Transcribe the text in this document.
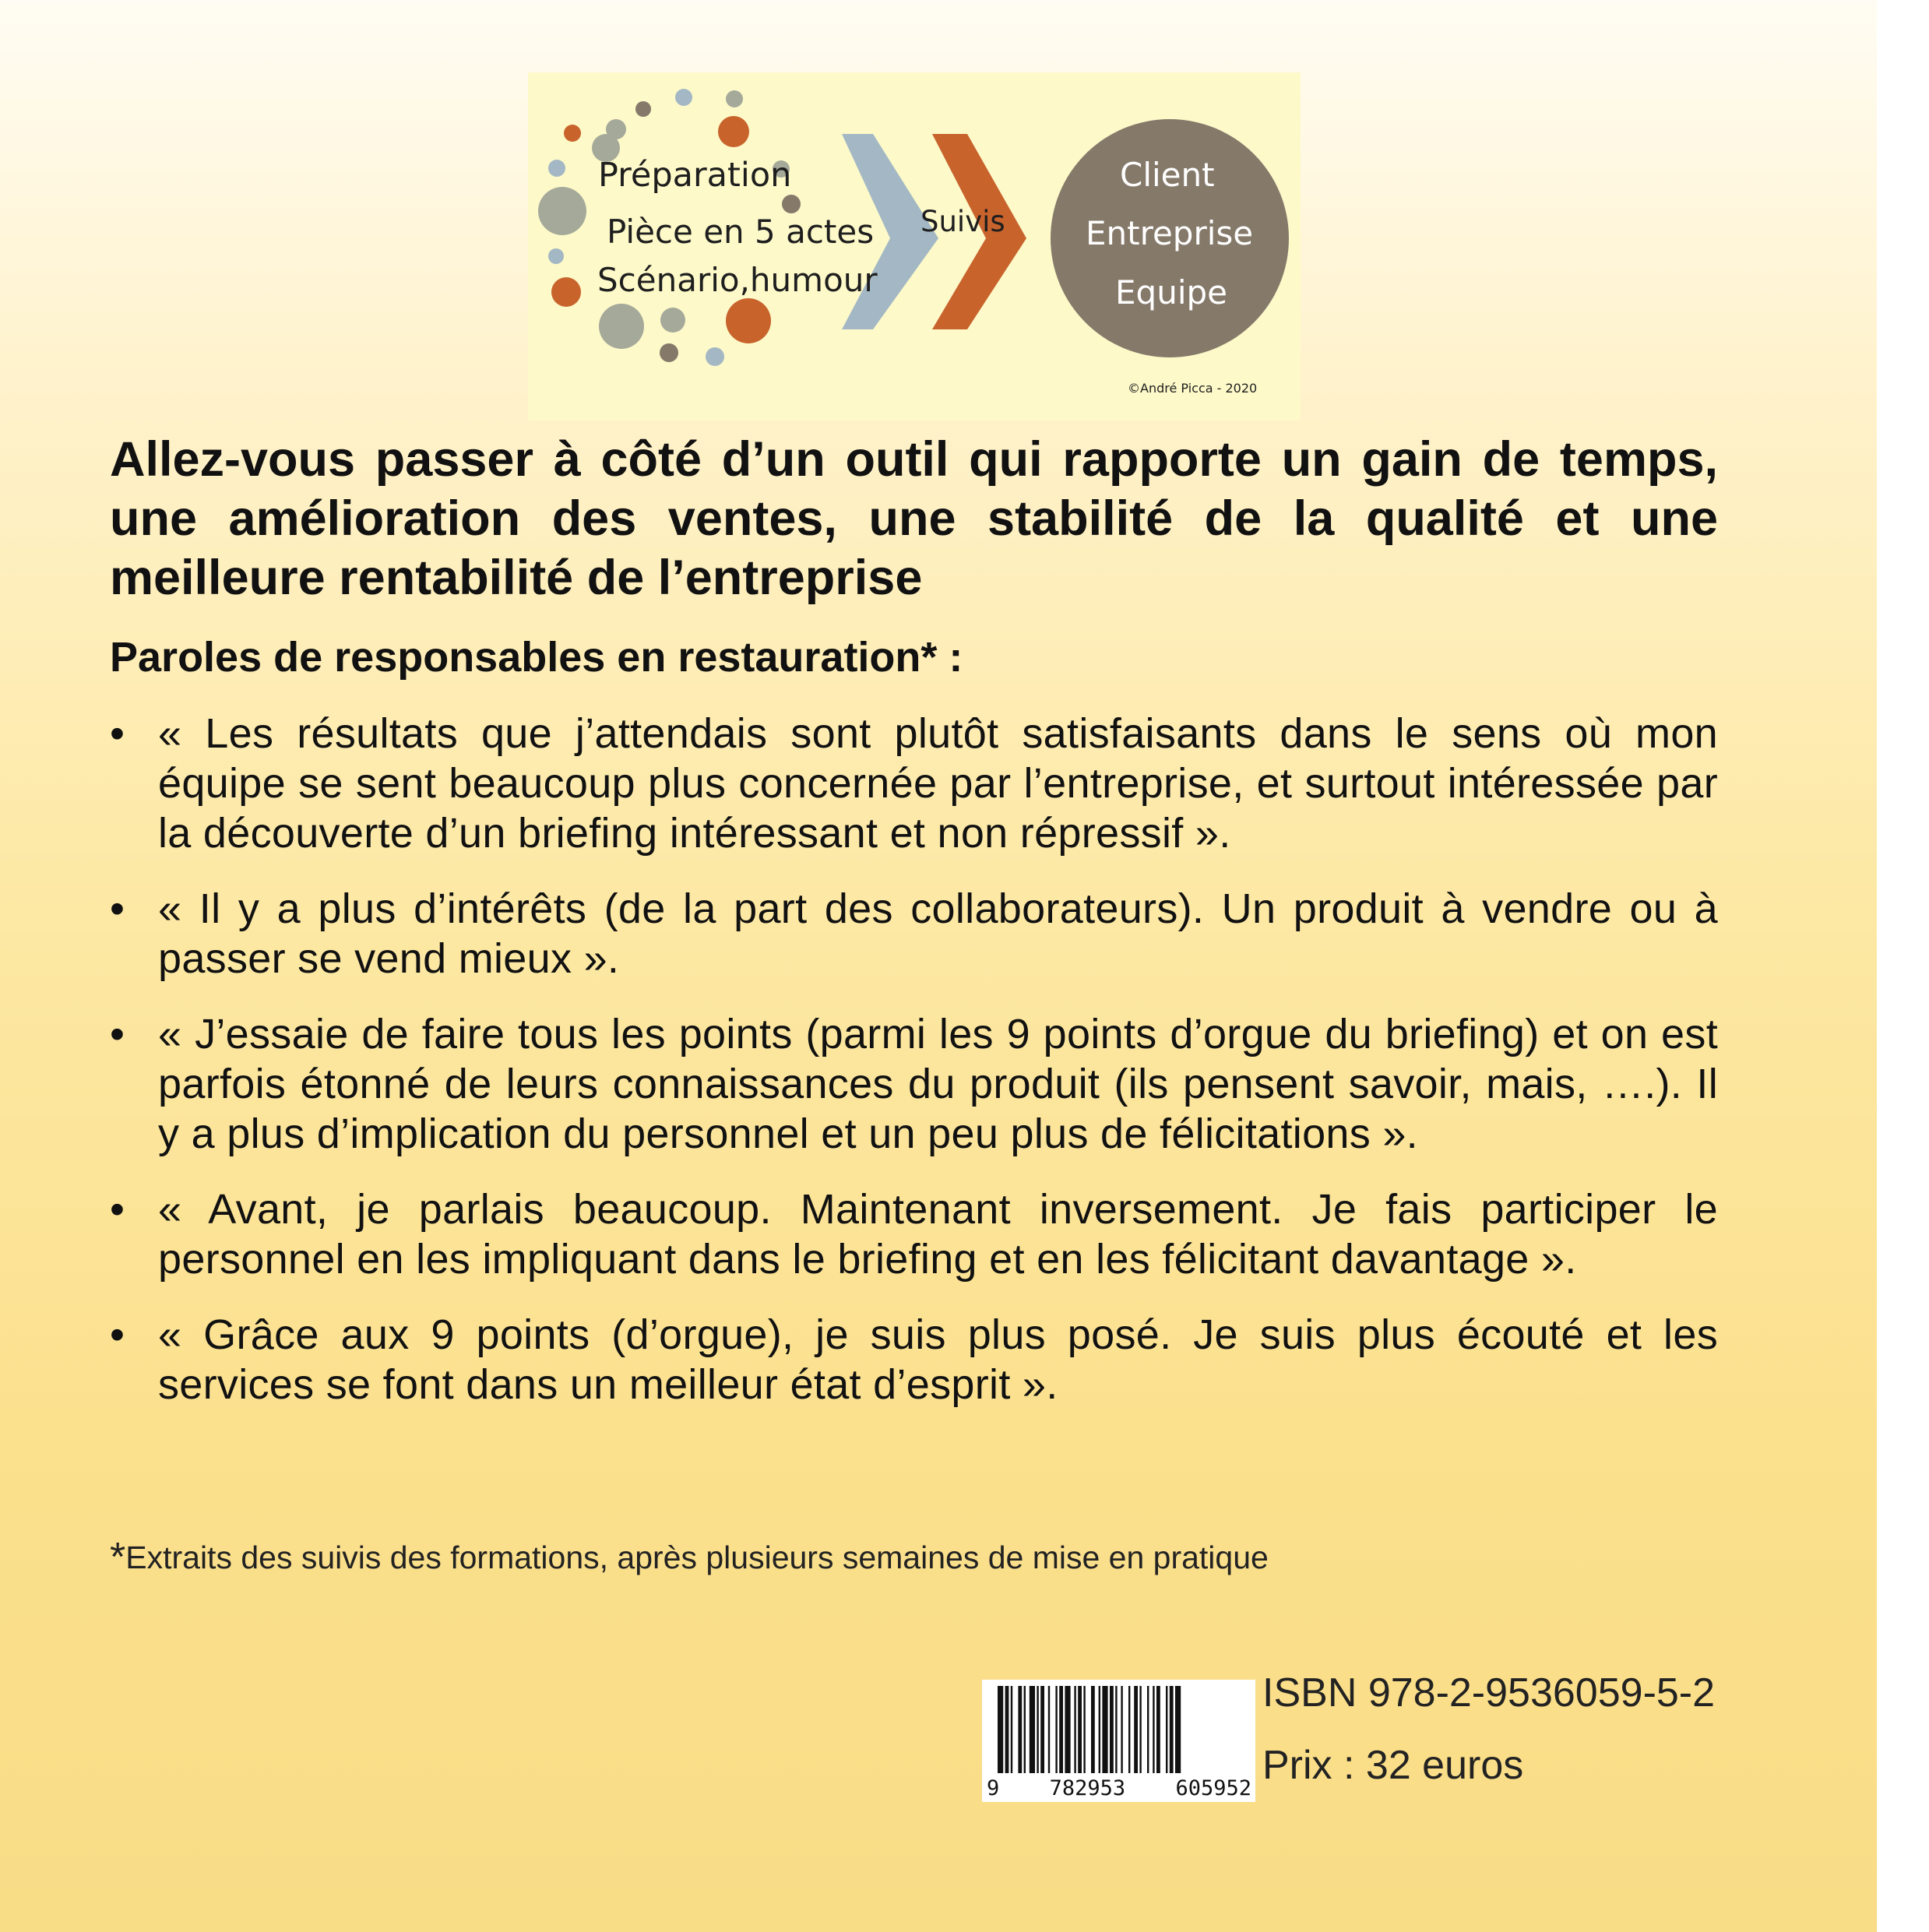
Préparation
Pièce en 5 actes
Scénario,humour
Suivis
Client
Entreprise
Equipe
©André Picca - 2020
Allez-vous passer à côté d’un outil qui rapporte un gain de temps, une amélioration des ventes, une stabilité de la qualité et une meilleure rentabilité de l’entreprise
Paroles de responsables en restauration* :
• « Les résultats que j’attendais sont plutôt satisfaisants dans le sens où mon équipe se sent beaucoup plus concernée par l’entreprise, et surtout intéressée par la découverte d’un briefing intéressant et non répressif ».
• « Il y a plus d’intérêts (de la part des collaborateurs). Un produit à vendre ou à passer se vend mieux ».
• « J’essaie de faire tous les points (parmi les 9 points d’orgue du briefing) et on est parfois étonné de leurs connaissances du produit (ils pensent savoir, mais, ….). Il y a plus d’implication du personnel et un peu plus de félicitations ».
• « Avant, je parlais beaucoup. Maintenant inversement. Je fais participer le personnel en les impliquant dans le briefing et en les félicitant davantage ».
• « Grâce aux 9 points (d’orgue), je suis plus posé. Je suis plus écouté et les services se font dans un meilleur état d’esprit ».
*Extraits des suivis des formations, après plusieurs semaines de mise en pratique
9 782953 605952
ISBN 978-2-9536059-5-2
Prix : 32 euros
